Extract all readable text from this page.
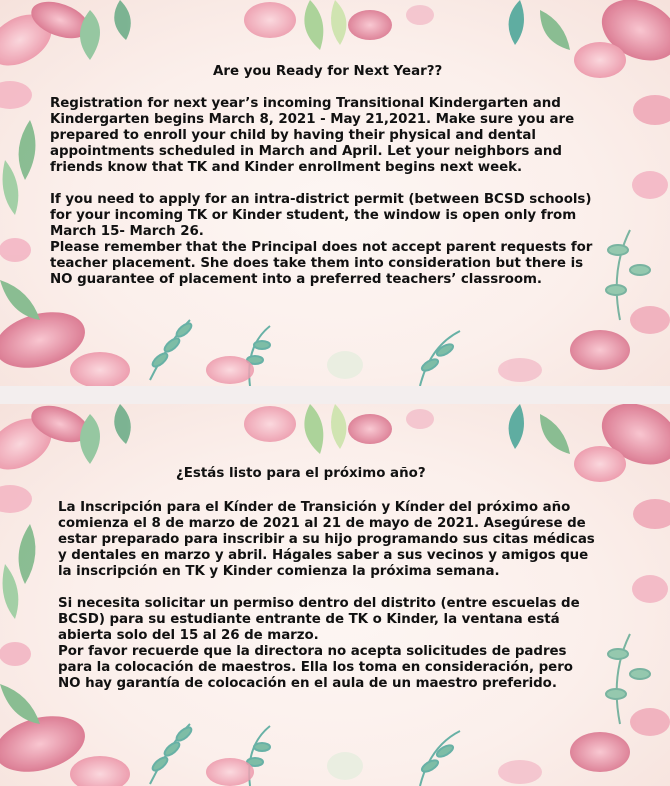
Are you Ready for Next Year??

Registration for next year’s incoming Transitional Kindergarten and
Kindergarten begins March 8, 2021 - May 21,2021. Make sure you are
prepared to enroll your child by having their physical and dental
appointments scheduled in March and April. Let your neighbors and
friends know that TK and Kinder enrollment begins next week.

If you need to apply for an intra-district permit (between BCSD schools)
for your incoming TK or Kinder student, the window is open only from
March 15- March 26.

Please remember that the Principal does not accept parent requests for
teacher placement. She does take them into consideration but there is
NO guarantee of placement into a preferred teachers’ classroom.

¿Estás listo para el próximo año?

La Inscripción para el Kínder de Transición y Kínder del próximo año
comienza el 8 de marzo de 2021 al 21 de mayo de 2021. Asegúrese de
estar preparado para inscribir a su hijo programando sus citas médicas
y dentales en marzo y abril. Hágales saber a sus vecinos y amigos que
la inscripción en TK y Kinder comienza la próxima semana.

Si necesita solicitar un permiso dentro del distrito (entre escuelas de
BCSD) para su estudiante entrante de TK o Kinder, la ventana está
abierta solo del 15 al 26 de marzo.

Por favor recuerde que la directora no acepta solicitudes de padres
para la colocación de maestros. Ella los toma en consideración, pero
NO hay garantía de colocación en el aula de un maestro preferido.
